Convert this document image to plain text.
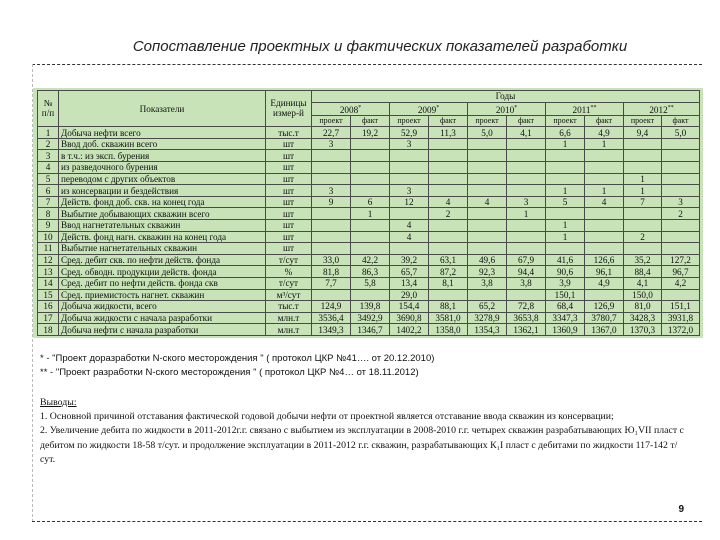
Сопоставление проектных и фактических показателей разработки
№ п/п	Показатели	Единицы измер-й	Годы									
			2008*		2009*		2010*		2011**		2012**
			проект	факт	проект	факт	проект	факт	проект	факт	проект	факт
1	Добыча нефти всего	тыс.т	22,7	19,2	52,9	11,3	5,0	4,1	6,6	4,9	9,4	5,0
2	Ввод доб. скважин всего	шт	3		3				1	1		
3	в т.ч.: из эксп. бурения	шт										
4	из разведочного бурения	шт										
5	переводом с других объектов	шт									1	
6	из консервации и бездействия	шт	3		3				1	1	1	
7	Действ. фонд доб. скв. на конец года	шт	9	6	12	4	4	3	5	4	7	3
8	Выбытие добывающих скважин всего	шт		1		2		1				2
9	Ввод нагнетательных скважин	шт			4				1			
10	Действ. фонд нагн. скважин на конец года	шт			4				1		2	
11	Выбытие нагнетательных скважин	шт										
12	Сред. дебит скв. по нефти действ. фонда	т/сут	33,0	42,2	39,2	63,1	49,6	67,9	41,6	126,6	35,2	127,2
13	Сред. обводн. продукции действ. фонда	%	81,8	86,3	65,7	87,2	92,3	94,4	90,6	96,1	88,4	96,7
14	Сред. дебит по нефти действ. фонда скв	т/сут	7,7	5,8	13,4	8,1	3,8	3,8	3,9	4,9	4,1	4,2
15	Сред. приемистость нагнет. скважин	м³/сут			29,0				150,1		150,0	
16	Добыча жидкости, всего	тыс.т	124,9	139,8	154,4	88,1	65,2	72,8	68,4	126,9	81,0	151,1
17	Добыча жидкости с начала разработки	млн.т	3536,4	3492,9	3690,8	3581,0	3278,9	3653,8	3347,3	3780,7	3428,3	3931,8
18	Добыча нефти с начала разработки	млн.т	1349,3	1346,7	1402,2	1358,0	1354,3	1362,1	1360,9	1367,0	1370,3	1372,0
* - "Проект доразработки N-ского месторождения " ( протокол ЦКР №41…. от 20.12.2010)
** - "Проект разработки N-ского месторождения " ( протокол ЦКР №4… от 18.11.2012)
Выводы:
1. Основной причиной отставания фактической годовой добычи нефти от проектной является отставание ввода скважин из консервации;
2. Увеличение дебита по жидкости в 2011-2012г.г. связано с выбытием из эксплуатации в 2008-2010 г.г. четырех скважин разрабатывающих Ю₁VII пласт с дебитом по жидкости 18-58 т/сут. и продолжение эксплуатации в 2011-2012 г.г. скважин, разрабатывающих К₁I пласт с дебитами по жидкости 117-142 т/сут.
9
